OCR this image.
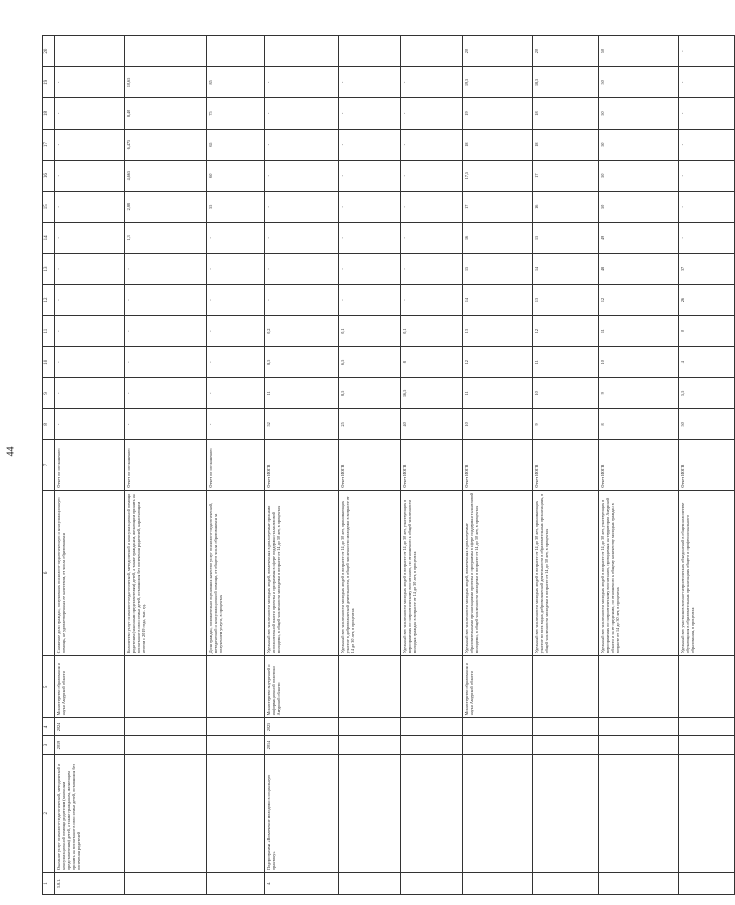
44
1	2	3	4	5	6	7	8	9	10	11	12	13	14	15	16	17	18	19	20
3.8.1.	Оказание услуг психолого-педагогической, методической и консультационной помощи родителям (законным представителям) детей, а также гражданам, желающим принять на воспитание в свои семьи детей, оставшихся без попечения родителей	2019	2024	Министерство образования и науки Амурской области	Снижение доли граждан, получивших психолого-педагогическую и консультационную помощь, не удовлетворенных ее качеством, от числа обратившихся	Отчет по соглашению	-	-	-	-	-	-	-	-	-	-	-	-	
					Количество услуг психолого-педагогической, методической и консультационной помощи родителям (законным представителям) детей, а также гражданам, желающим принять на воспитание в свои семьи детей, оставшихся без попечения родителей, нарастающим итогом с 2019 года, тыс. ед.	Отчет по соглашению	-	-	-	-	-	-	1,3	2,88	4,665	6,475	8,40	10,65	
					Доля граждан, положительно оценивших качество услуг психолого-педагогической, методической и консультационной помощи, от общего числа обратившихся за получением услуги, в процентах	Отчет по соглашению	-	-	-	-	-	-	-	55	60	65	75	85	
4.	Подпрограмма «Вовлечение молодежи в социальную практику»	2014	2025	Министерство внутренней и информационной политики Амурской области	Удельный вес численности молодых людей, вовлеченных в реализуемые органами исполнительной власти проекты и программы в сфере поддержки талантливой молодежи, в общей численности молодежи в возрасте от 14 до 30 лет, в процентах	Отчет ИОГВ	52	11	8,5	0,2	-	-	-	-	-	-	-	-	
					Удельный вес численности молодых людей в возрасте от 14 до 30 лет, принимающих участие в добровольческой деятельности, в общей численности молодежи в возрасте от 14 до 30 лет, в процентах	Отчет ИОГВ	25	8,5	6,5	0,1	-	-	-	-	-	-	-	-	
					Удельный вес численности молодых людей в возрасте от 14 до 30 лет, участвующих в мероприятиях по патриотическому воспитанию, по отношению к общей численности молодых граждан в возрасте от 14 до 30 лет, в процентах	Отчет ИОГВ	40	16,5	8	0,1	-	-	-	-	-	-	-	-	
				Министерство образования и науки Амурской области	Удельный вес численности молодых людей, вовлеченных в реализуемые образовательными организациями проекты и программы в сфере поддержки талантливой молодежи, в общей численности молодежи в возрасте от 14 до 30 лет, в процентах	Отчет ИОГВ	10	11	12	13	14	15	16	17	17,5	18	19	19,5	20
					Удельный вес численности молодых людей в возрасте от 14 до 30 лет, принимающих участие во всех видах добровольческой деятельности в образовательных организациях, в общей численности молодежи в возрасте от 14 до 30 лет, в процентах	Отчет ИОГВ	9	10	11	12	13	14	15	16	17	18	18	18,5	20
					Удельный вес численности молодых людей в возрасте от 14 до 30 лет, участвующих в мероприятиях по патриотическому воспитанию, проводимых на территории Амурской области и за ее пределами, по отношению к общему количеству молодых граждан в возрасте от 14 до 30 лет, в процентах	Отчет ИОГВ	8	9	10	11	12	48	49	50	50	50	50	50	50
					Удельный вес участников военно-патриотических объединений в общем количестве обучающихся в образовательных организациях общего и профессионального образования, в процентах	Отчет ИОГВ	50	5,5	4	0	26	37	-	-	-	-	-	-	-
